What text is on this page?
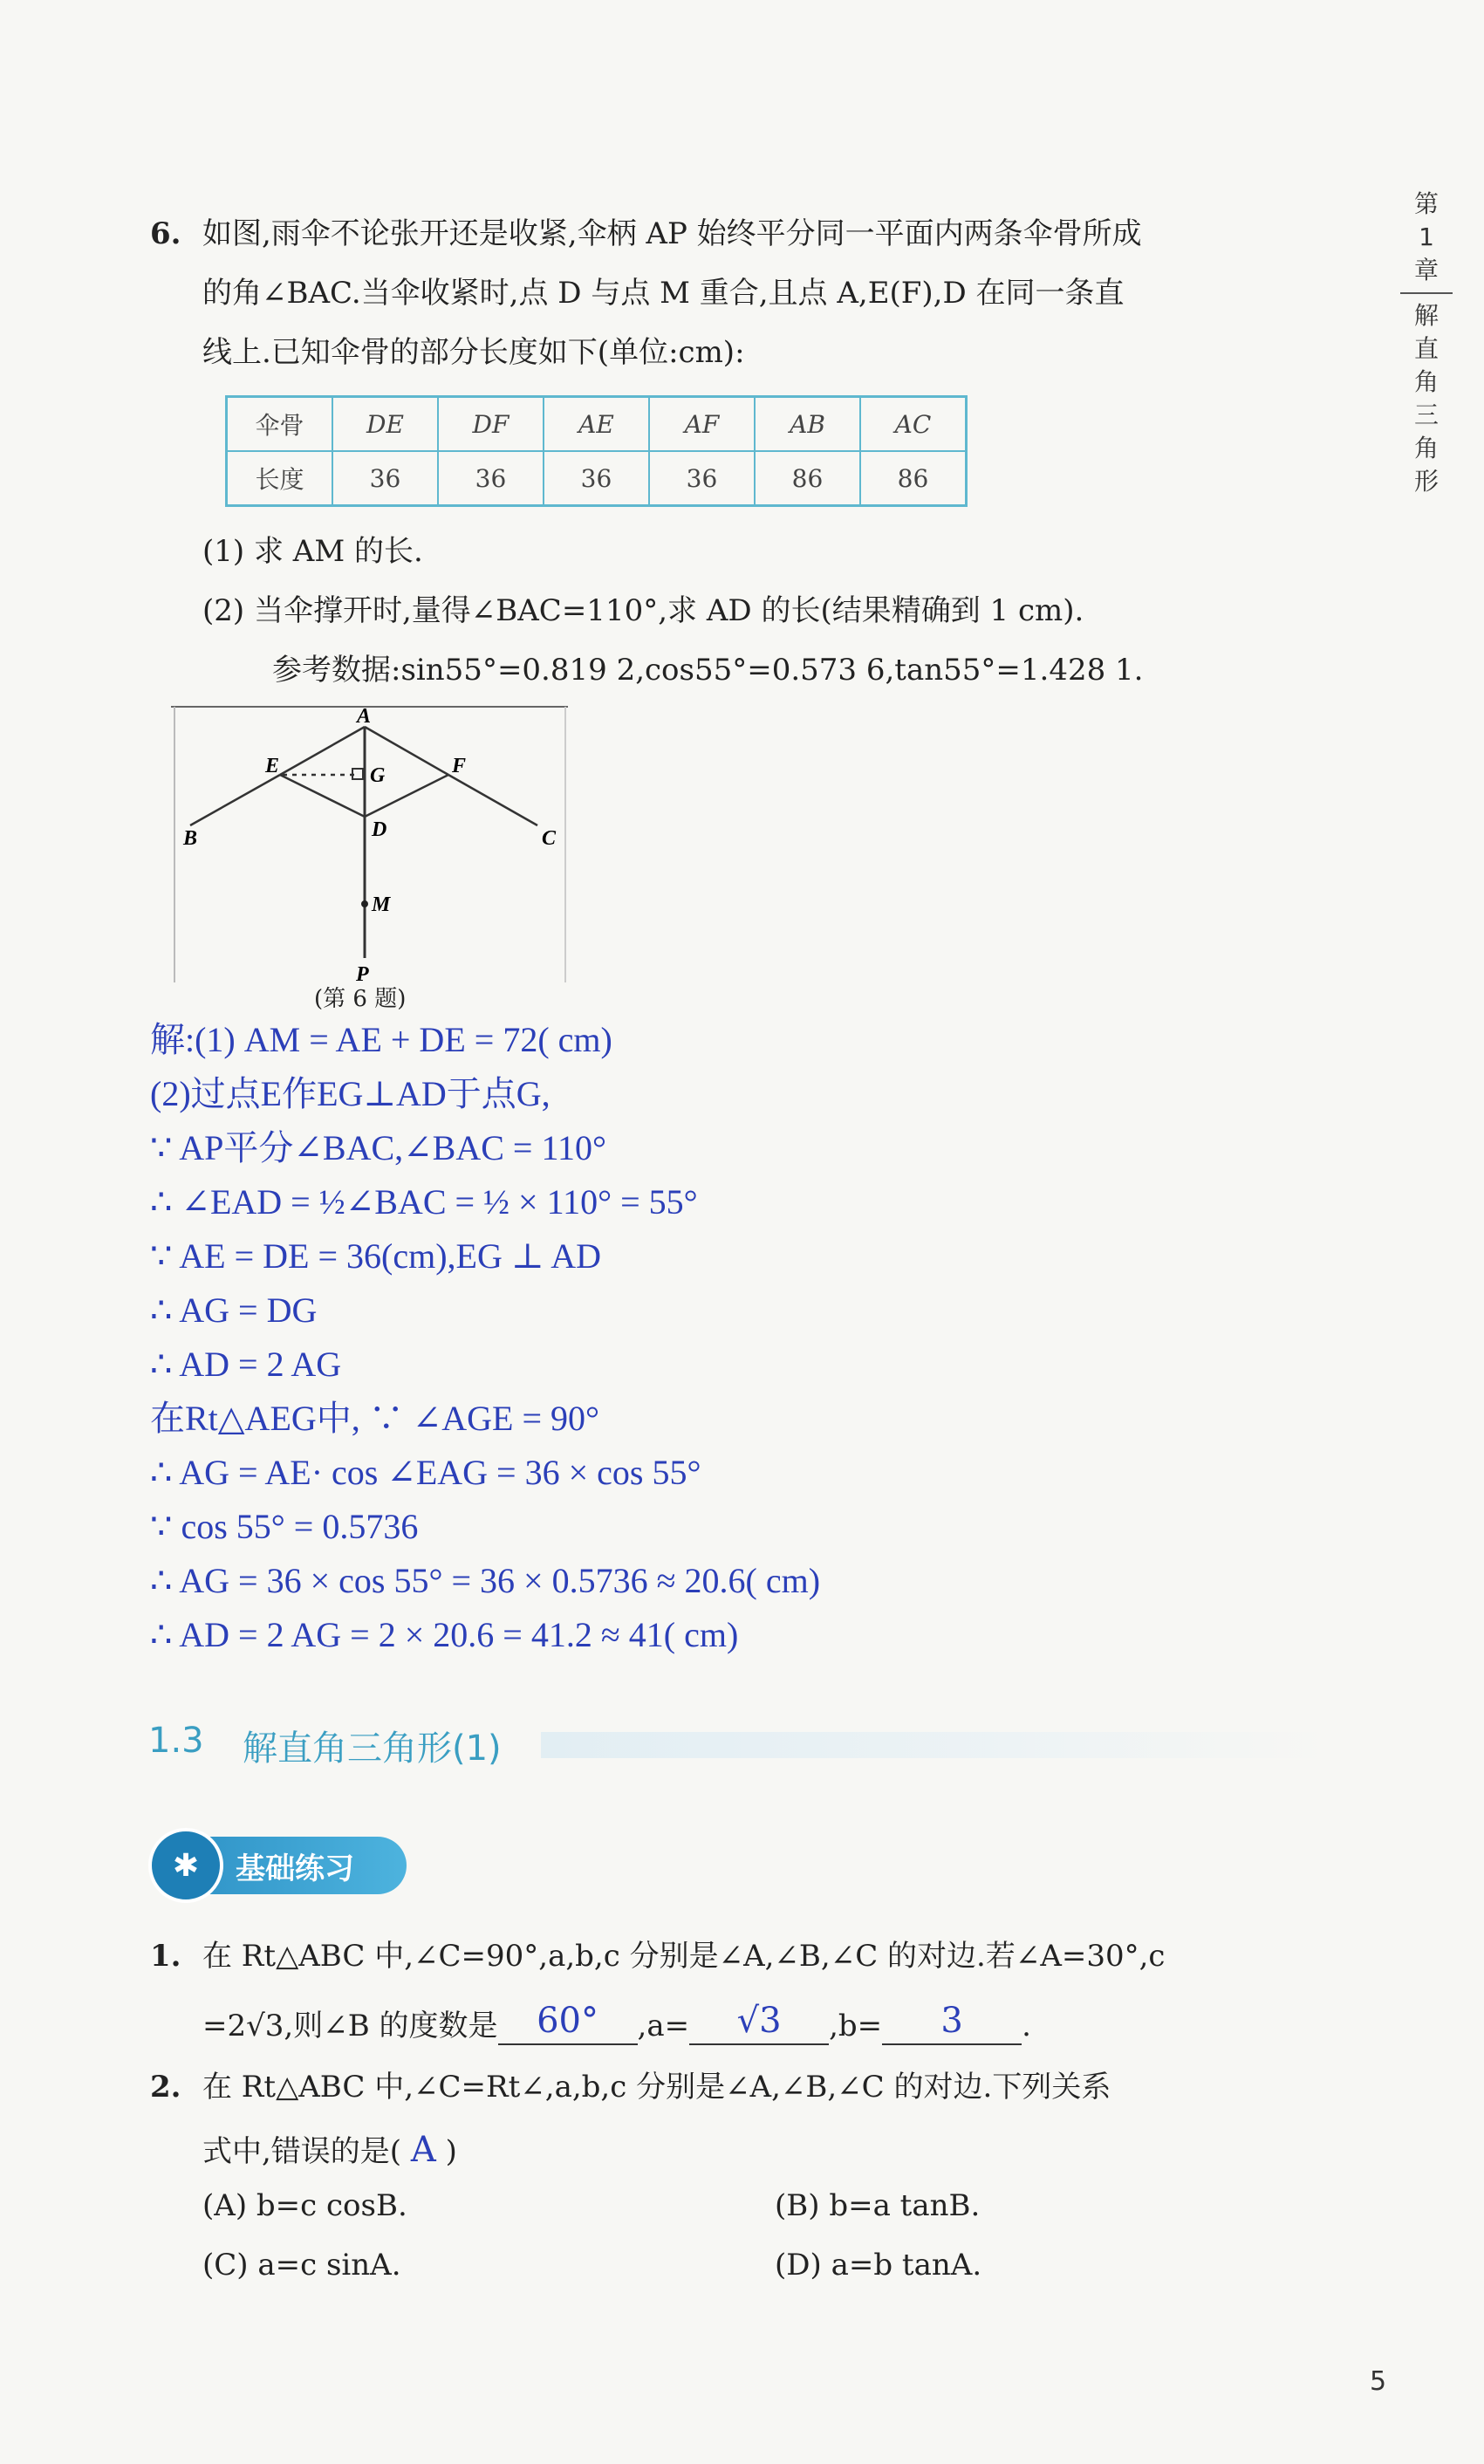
第
1
章
解
直
角
三
角
形
6. 如图,雨伞不论张开还是收紧,伞柄 AP 始终平分同一平面内两条伞骨所成
的角∠BAC.当伞收紧时,点 D 与点 M 重合,且点 A,E(F),D 在同一条直
线上.已知伞骨的部分长度如下(单位:cm):
伞骨	DE	DF	AE	AF	AB	AC
长度	36	36	36	36	86	86
(1) 求 AM 的长.
(2) 当伞撑开时,量得∠BAC=110°,求 AD 的长(结果精确到 1 cm).
参考数据:sin55°=0.819 2,cos55°=0.573 6,tan55°=1.428 1.
A
E	G	F
B	C
D
M
P
(第 6 题)
解:(1) AM = AE + DE = 72( cm)
(2)过点E作EG⊥AD于点G,
∵ AP平分∠BAC,∠BAC = 110°
∴ ∠EAD = ½∠BAC = ½ × 110° = 55°
∵ AE = DE = 36(cm),EG ⊥ AD
∴ AG = DG
∴ AD = 2 AG
在Rt△AEG中, ∵ ∠AGE = 90°
∴ AG = AE· cos ∠EAG = 36 × cos 55°
∵ cos 55° = 0.5736
∴ AG = 36 × cos 55° = 36 × 0.5736 ≈ 20.6( cm)
∴ AD = 2 AG = 2 × 20.6 = 41.2 ≈ 41( cm)
1.3 解直角三角形(1)
✱	基础练习
1. 在 Rt△ABC 中,∠C=90°,a,b,c 分别是∠A,∠B,∠C 的对边.若∠A=30°,c
=2√3,则∠B 的度数是 60° ,a= √3 ,b= 3 .
2. 在 Rt△ABC 中,∠C=Rt∠,a,b,c 分别是∠A,∠B,∠C 的对边.下列关系
式中,错误的是( A )
(A) b=c cosB.	(B) b=a tanB.
(C) a=c sinA.	(D) a=b tanA.
5
